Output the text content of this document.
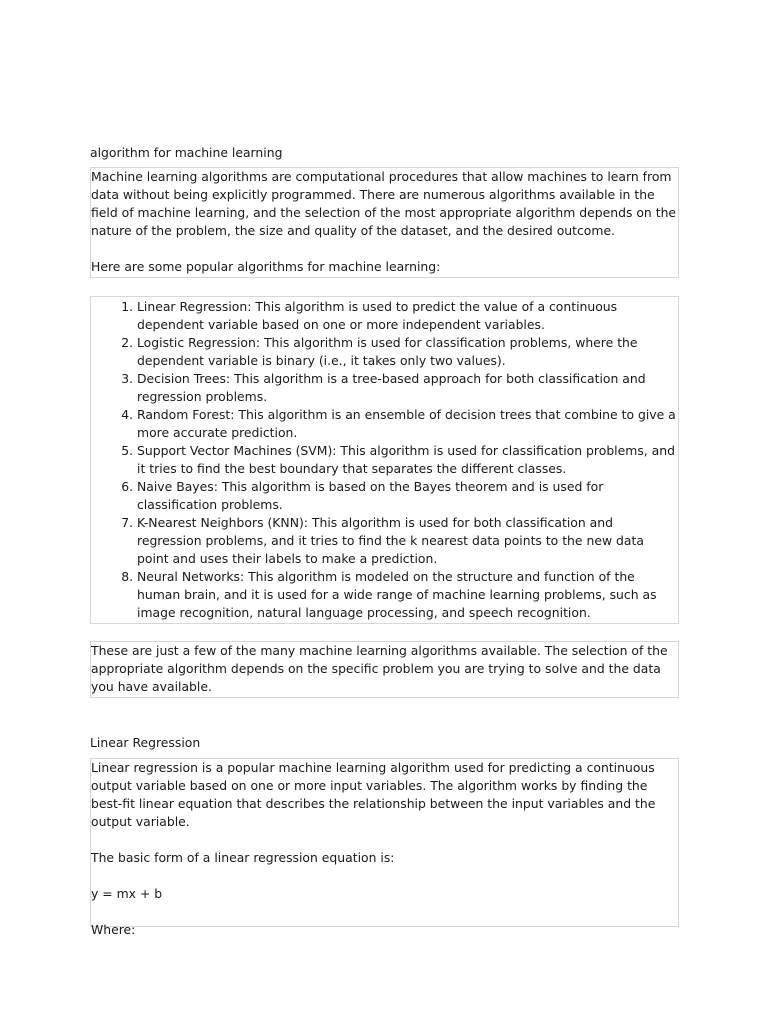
algorithm for machine learning

Machine learning algorithms are computational procedures that allow machines to learn from data without being explicitly programmed. There are numerous algorithms available in the field of machine learning, and the selection of the most appropriate algorithm depends on the nature of the problem, the size and quality of the dataset, and the desired outcome.

Here are some popular algorithms for machine learning:

1. Linear Regression: This algorithm is used to predict the value of a continuous dependent variable based on one or more independent variables.
2. Logistic Regression: This algorithm is used for classification problems, where the dependent variable is binary (i.e., it takes only two values).
3. Decision Trees: This algorithm is a tree-based approach for both classification and regression problems.
4. Random Forest: This algorithm is an ensemble of decision trees that combine to give a more accurate prediction.
5. Support Vector Machines (SVM): This algorithm is used for classification problems, and it tries to find the best boundary that separates the different classes.
6. Naive Bayes: This algorithm is based on the Bayes theorem and is used for classification problems.
7. K-Nearest Neighbors (KNN): This algorithm is used for both classification and regression problems, and it tries to find the k nearest data points to the new data point and uses their labels to make a prediction.
8. Neural Networks: This algorithm is modeled on the structure and function of the human brain, and it is used for a wide range of machine learning problems, such as image recognition, natural language processing, and speech recognition.

These are just a few of the many machine learning algorithms available. The selection of the appropriate algorithm depends on the specific problem you are trying to solve and the data you have available.

Linear Regression

Linear regression is a popular machine learning algorithm used for predicting a continuous output variable based on one or more input variables. The algorithm works by finding the best-fit linear equation that describes the relationship between the input variables and the output variable.

The basic form of a linear regression equation is:

y = mx + b

Where:
